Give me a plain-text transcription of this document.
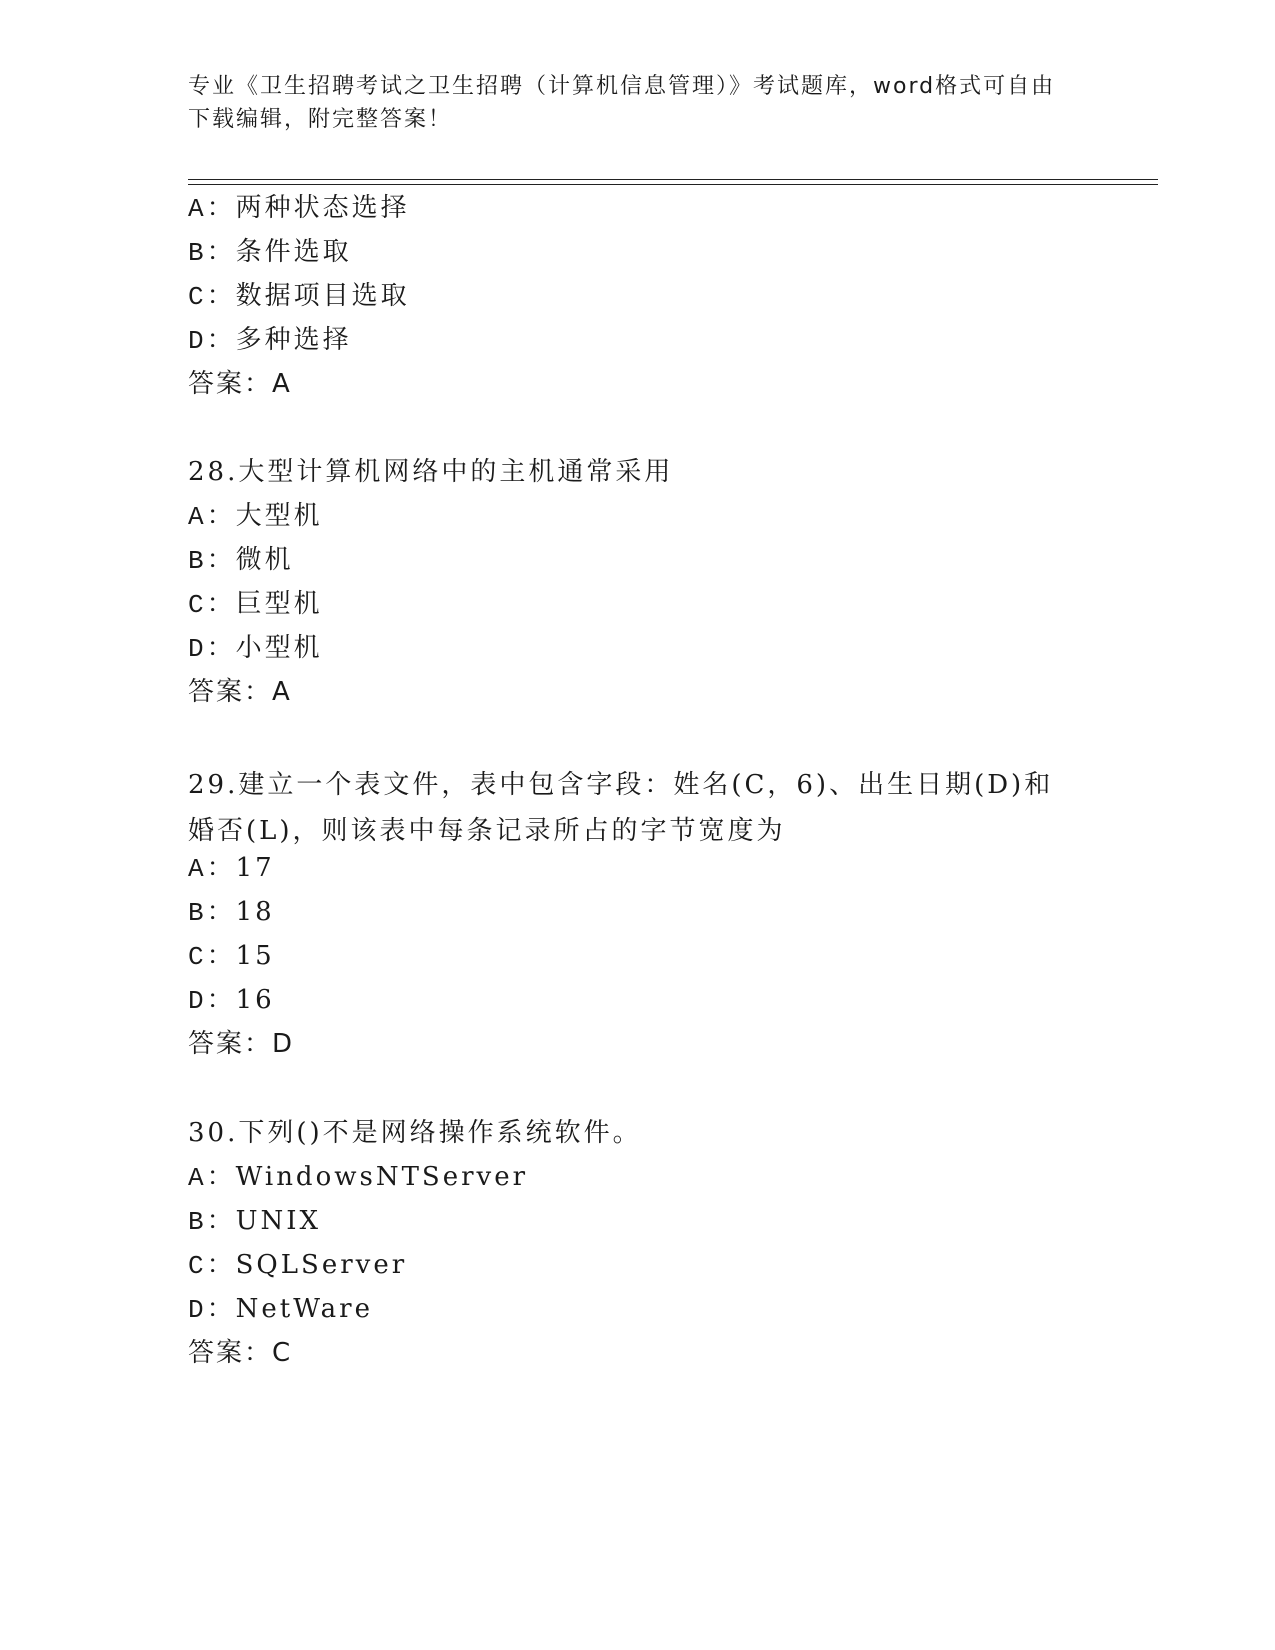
专业《卫生招聘考试之卫生招聘（计算机信息管理）》考试题库，word格式可自由下载编辑，附完整答案！
A：两种状态选择
B：条件选取
C：数据项目选取
D：多种选择
答案：A
28.大型计算机网络中的主机通常采用
A：大型机
B：微机
C：巨型机
D：小型机
答案：A
29.建立一个表文件，表中包含字段：姓名(C，6)、出生日期(D)和婚否(L)，则该表中每条记录所占的字节宽度为
A：17
B：18
C：15
D：16
答案：D
30.下列()不是网络操作系统软件。
A：WindowsNTServer
B：UNIX
C：SQLServer
D：NetWare
答案：C
